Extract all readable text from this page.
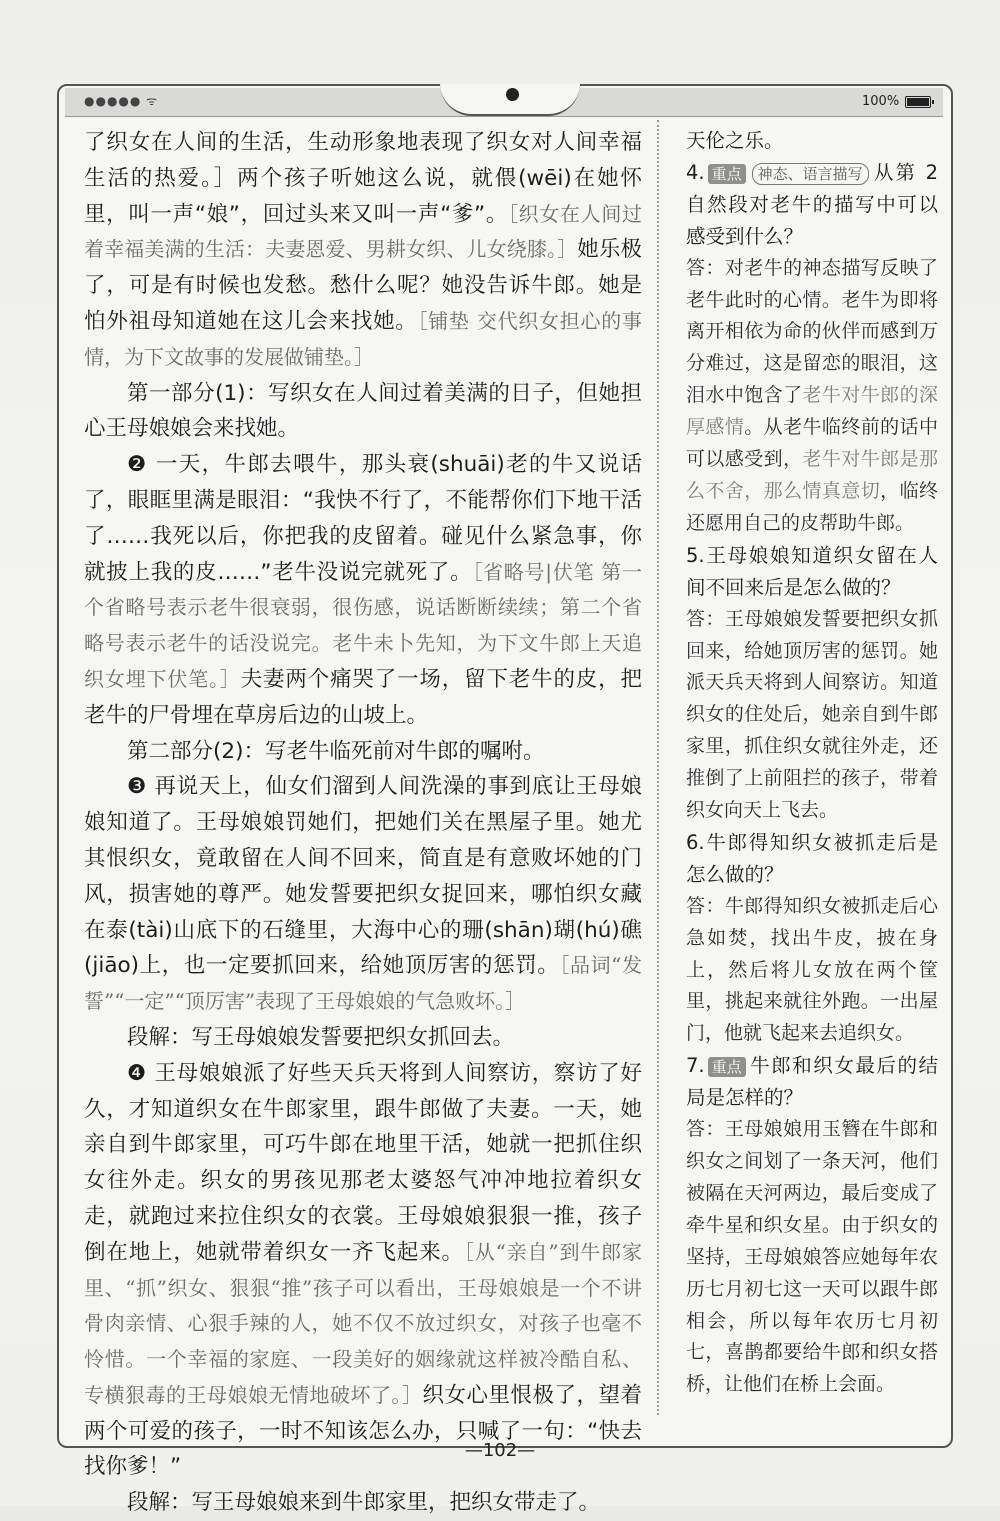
●●●●● ᯤ	100%

了织女在人间的生活，生动形象地表现了织女对人间幸福生活的热爱。］两个孩子听她这么说，就偎(wēi)在她怀里，叫一声“娘”，回过头来又叫一声“爹”。［织女在人间过着幸福美满的生活：夫妻恩爱、男耕女织、儿女绕膝。］她乐极了，可是有时候也发愁。愁什么呢？她没告诉牛郎。她是怕外祖母知道她在这儿会来找她。［铺垫 交代织女担心的事情，为下文故事的发展做铺垫。］

第一部分(1)：写织女在人间过着美满的日子，但她担心王母娘娘会来找她。

❷ 一天，牛郎去喂牛，那头衰(shuāi)老的牛又说话了，眼眶里满是眼泪：“我快不行了，不能帮你们下地干活了……我死以后，你把我的皮留着。碰见什么紧急事，你就披上我的皮……”老牛没说完就死了。［省略号|伏笔 第一个省略号表示老牛很衰弱，很伤感，说话断断续续；第二个省略号表示老牛的话没说完。老牛未卜先知，为下文牛郎上天追织女埋下伏笔。］夫妻两个痛哭了一场，留下老牛的皮，把老牛的尸骨埋在草房后边的山坡上。

第二部分(2)：写老牛临死前对牛郎的嘱咐。

❸ 再说天上，仙女们溜到人间洗澡的事到底让王母娘娘知道了。王母娘娘罚她们，把她们关在黑屋子里。她尤其恨织女，竟敢留在人间不回来，简直是有意败坏她的门风，损害她的尊严。她发誓要把织女捉回来，哪怕织女藏在泰(tài)山底下的石缝里，大海中心的珊(shān)瑚(hú)礁(jiāo)上，也一定要抓回来，给她顶厉害的惩罚。［品词“发誓”“一定”“顶厉害”表现了王母娘娘的气急败坏。］

段解：写王母娘娘发誓要把织女抓回去。

❹ 王母娘娘派了好些天兵天将到人间察访，察访了好久，才知道织女在牛郎家里，跟牛郎做了夫妻。一天，她亲自到牛郎家里，可巧牛郎在地里干活，她就一把抓住织女往外走。织女的男孩见那老太婆怒气冲冲地拉着织女走，就跑过来拉住织女的衣裳。王母娘娘狠狠一推，孩子倒在地上，她就带着织女一齐飞起来。［从“亲自”到牛郎家里、“抓”织女、狠狠“推”孩子可以看出，王母娘娘是一个不讲骨肉亲情、心狠手辣的人，她不仅不放过织女，对孩子也毫不怜惜。一个幸福的家庭、一段美好的姻缘就这样被冷酷自私、专横狠毒的王母娘娘无情地破坏了。］织女心里恨极了，望着两个可爱的孩子，一时不知该怎么办，只喊了一句：“快去找你爹！”

段解：写王母娘娘来到牛郎家里，把织女带走了。

天伦之乐。

4. 重点 神态、语言描写 从第 2 自然段对老牛的描写中可以感受到什么？

答：对老牛的神态描写反映了老牛此时的心情。老牛为即将离开相依为命的伙伴而感到万分难过，这是留恋的眼泪，这泪水中饱含了老牛对牛郎的深厚感情。从老牛临终前的话中可以感受到，老牛对牛郎是那么不舍，那么情真意切，临终还愿用自己的皮帮助牛郎。

5.王母娘娘知道织女留在人间不回来后是怎么做的？

答：王母娘娘发誓要把织女抓回来，给她顶厉害的惩罚。她派天兵天将到人间察访。知道织女的住处后，她亲自到牛郎家里，抓住织女就往外走，还推倒了上前阻拦的孩子，带着织女向天上飞去。

6.牛郎得知织女被抓走后是怎么做的？

答：牛郎得知织女被抓走后心急如焚，找出牛皮，披在身上，然后将儿女放在两个筐里，挑起来就往外跑。一出屋门，他就飞起来去追织女。

7. 重点 牛郎和织女最后的结局是怎样的？

答：王母娘娘用玉簪在牛郎和织女之间划了一条天河，他们被隔在天河两边，最后变成了牵牛星和织女星。由于织女的坚持，王母娘娘答应她每年农历七月初七这一天可以跟牛郎相会，所以每年农历七月初七，喜鹊都要给牛郎和织女搭桥，让他们在桥上会面。

—102—
